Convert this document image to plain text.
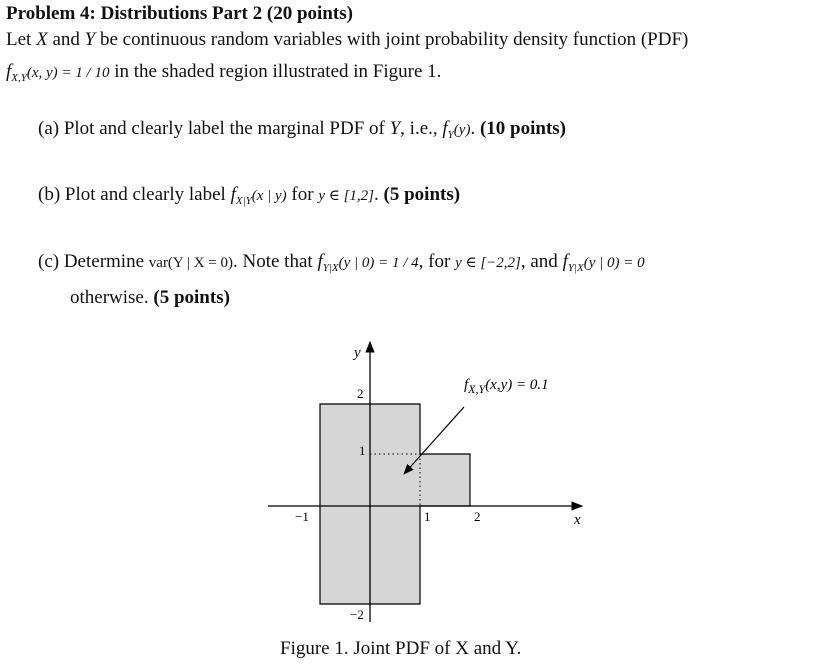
Problem 4: Distributions Part 2 (20 points)
Let X and Y be continuous random variables with joint probability density function (PDF)
$f_{X,Y}(x$, y) = 1 / 10 in the shaded region illustrated in Figure 1.
(a) Plot and clearly label the marginal PDF of Y, i.e., $f_Y(y)$. (10 points)
(b) Plot and clearly label $f_{X|Y}(x$ | y) for y ∈ [1,2]. (5 points)
(c) Determine var(Y | X = 0). Note that $f_{Y|X}(y$ | 0) = 1 / 4, for y ∈ [−2,2], and $f_{Y|X}(y$ | 0) = 0
otherwise. (5 points)
y
x
2
1
−2
−1	1	2
$f_{X,Y}(x,y) = 0.1$
Figure 1. Joint PDF of X and Y.
